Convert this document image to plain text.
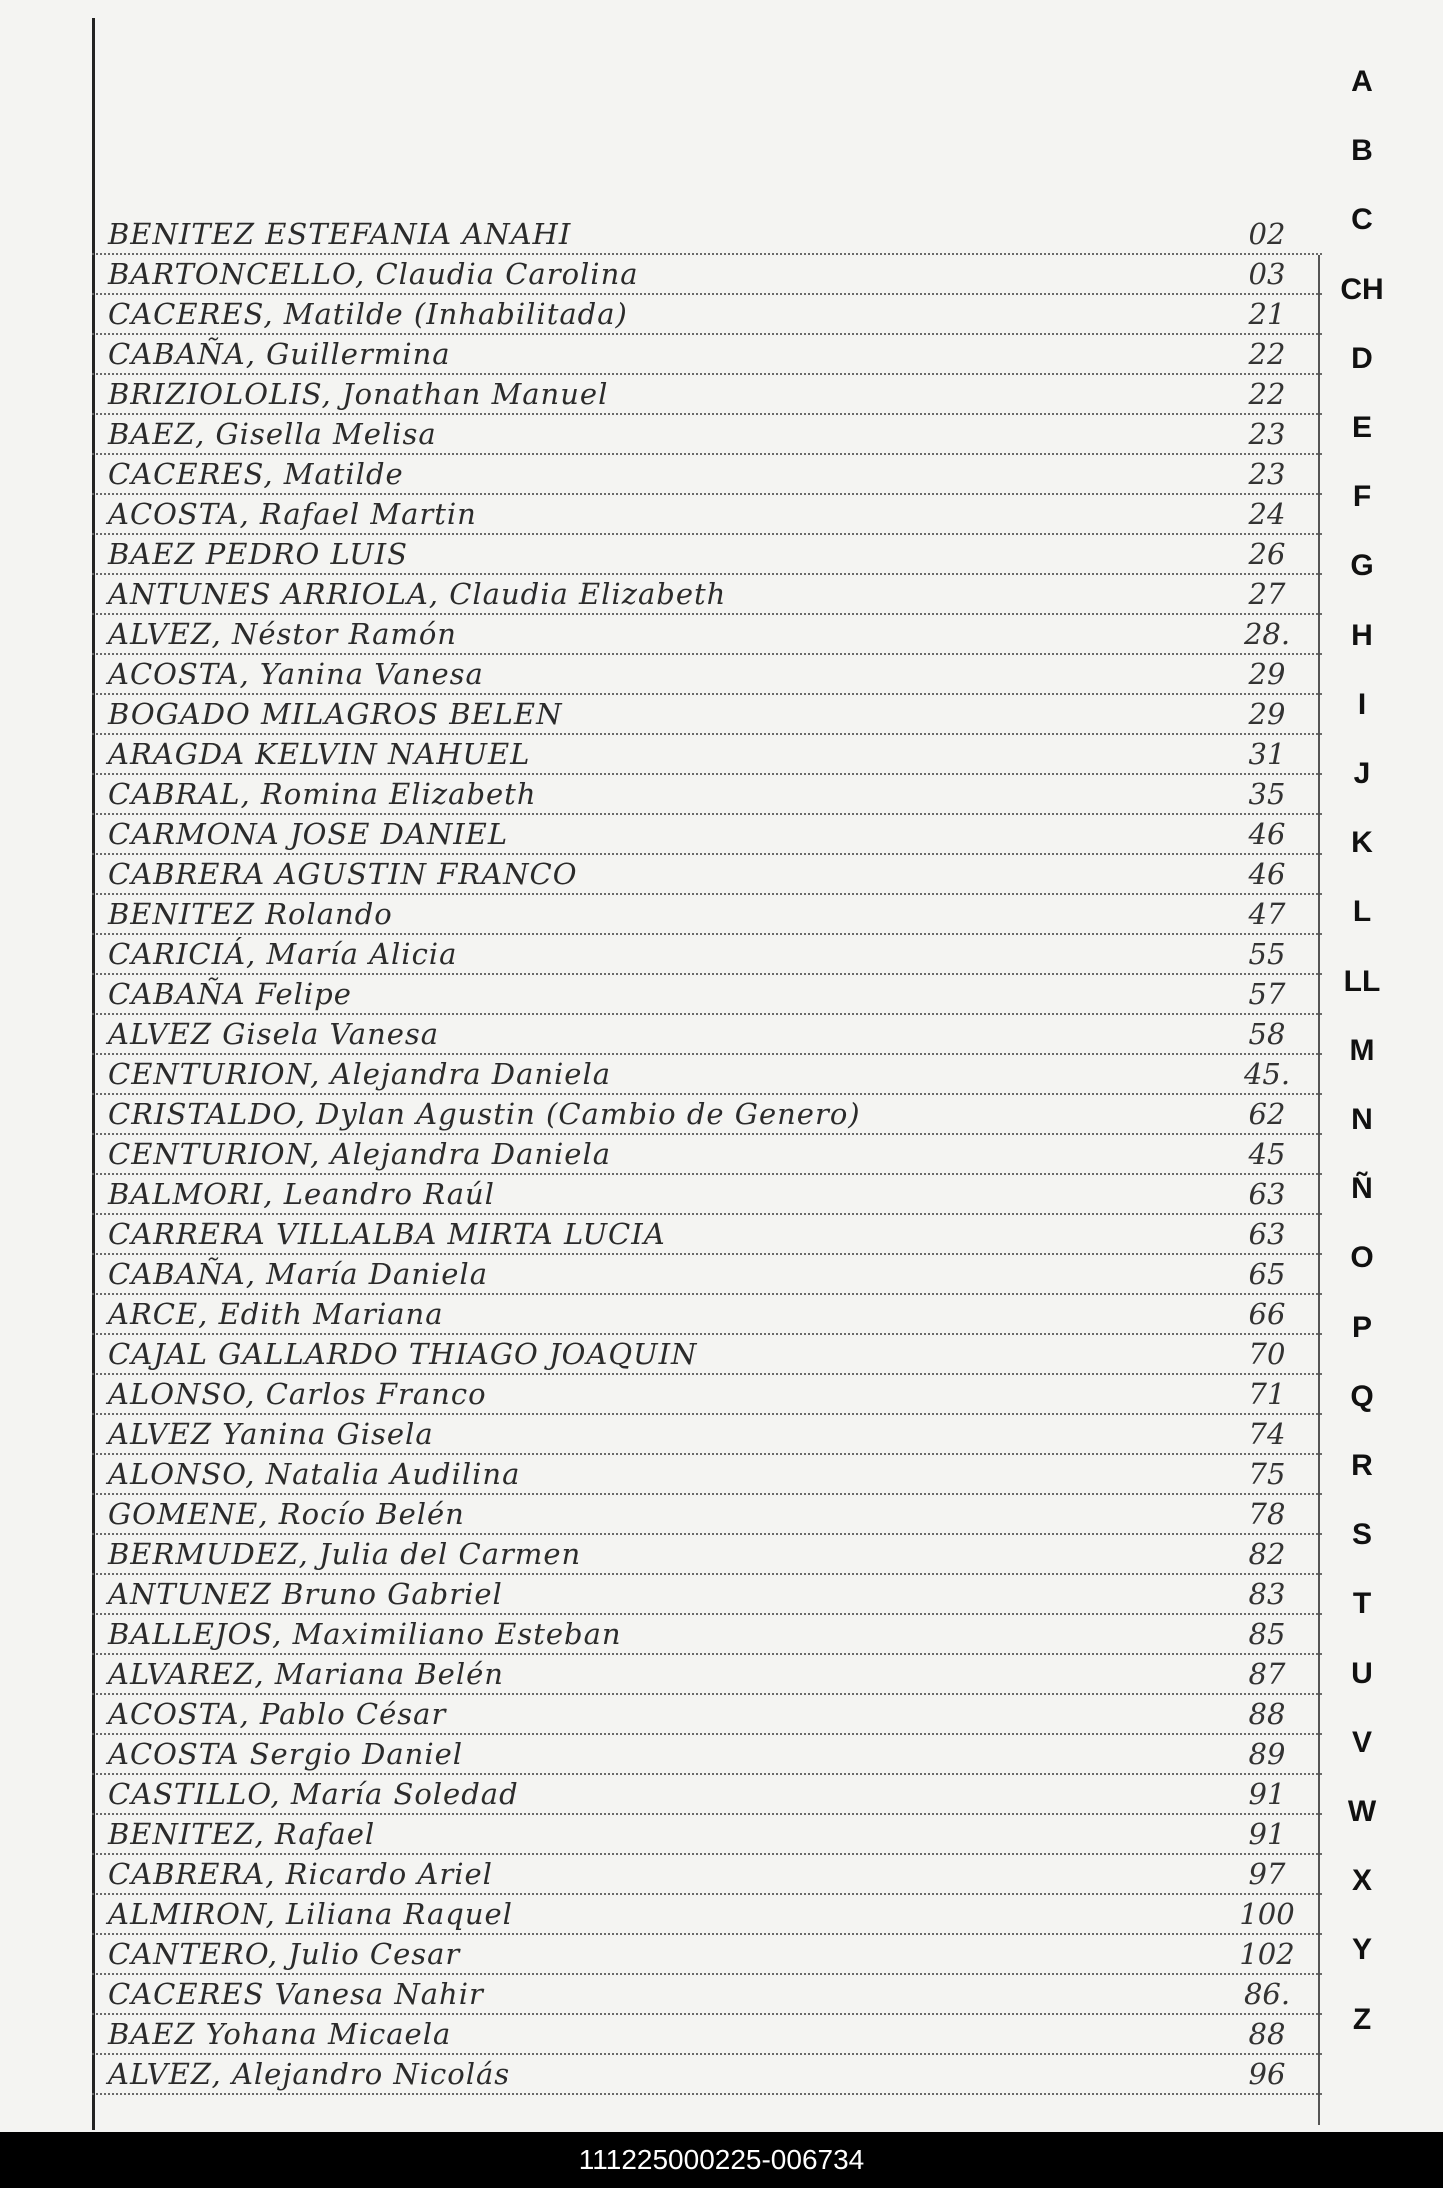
BENITEZ ESTEFANIA ANAHI	02
BARTONCELLO, Claudia Carolina	03
CACERES, Matilde (Inhabilitada)	21
CABAÑA, Guillermina	22
BRIZIOLOLIS, Jonathan Manuel	22
BAEZ, Gisella Melisa	23
CACERES, Matilde	23
ACOSTA, Rafael Martin	24
BAEZ PEDRO LUIS	26
ANTUNES ARRIOLA, Claudia Elizabeth	27
ALVEZ, Néstor Ramón	28.
ACOSTA, Yanina Vanesa	29
BOGADO MILAGROS BELEN	29
ARAGDA KELVIN NAHUEL	31
CABRAL, Romina Elizabeth	35
CARMONA JOSE DANIEL	46
CABRERA AGUSTIN FRANCO	46
BENITEZ Rolando	47
CARICIÁ, María Alicia	55
CABAÑA Felipe	57
ALVEZ Gisela Vanesa	58
CENTURION, Alejandra Daniela	45.
CRISTALDO, Dylan Agustin (Cambio de Genero)	62
CENTURION, Alejandra Daniela	45
BALMORI, Leandro Raúl	63
CARRERA VILLALBA MIRTA LUCIA	63
CABAÑA, María Daniela	65
ARCE, Edith Mariana	66
CAJAL GALLARDO THIAGO JOAQUIN	70
ALONSO, Carlos Franco	71
ALVEZ Yanina Gisela	74
ALONSO, Natalia Audilina	75
GOMENE, Rocío Belén	78
BERMUDEZ, Julia del Carmen	82
ANTUNEZ Bruno Gabriel	83
BALLEJOS, Maximiliano Esteban	85
ALVAREZ, Mariana Belén	87
ACOSTA, Pablo César	88
ACOSTA Sergio Daniel	89
CASTILLO, María Soledad	91
BENITEZ, Rafael	91
CABRERA, Ricardo Ariel	97
ALMIRON, Liliana Raquel	100
CANTERO, Julio Cesar	102
CACERES Vanesa Nahir	86.
BAEZ Yohana Micaela	88
ALVEZ, Alejandro Nicolás	96
A
B
C
CH
D
E
F
G
H
I
J
K
L
LL
M
N
Ñ
O
P
Q
R
S
T
U
V
W
X
Y
Z
111225000225-006734
